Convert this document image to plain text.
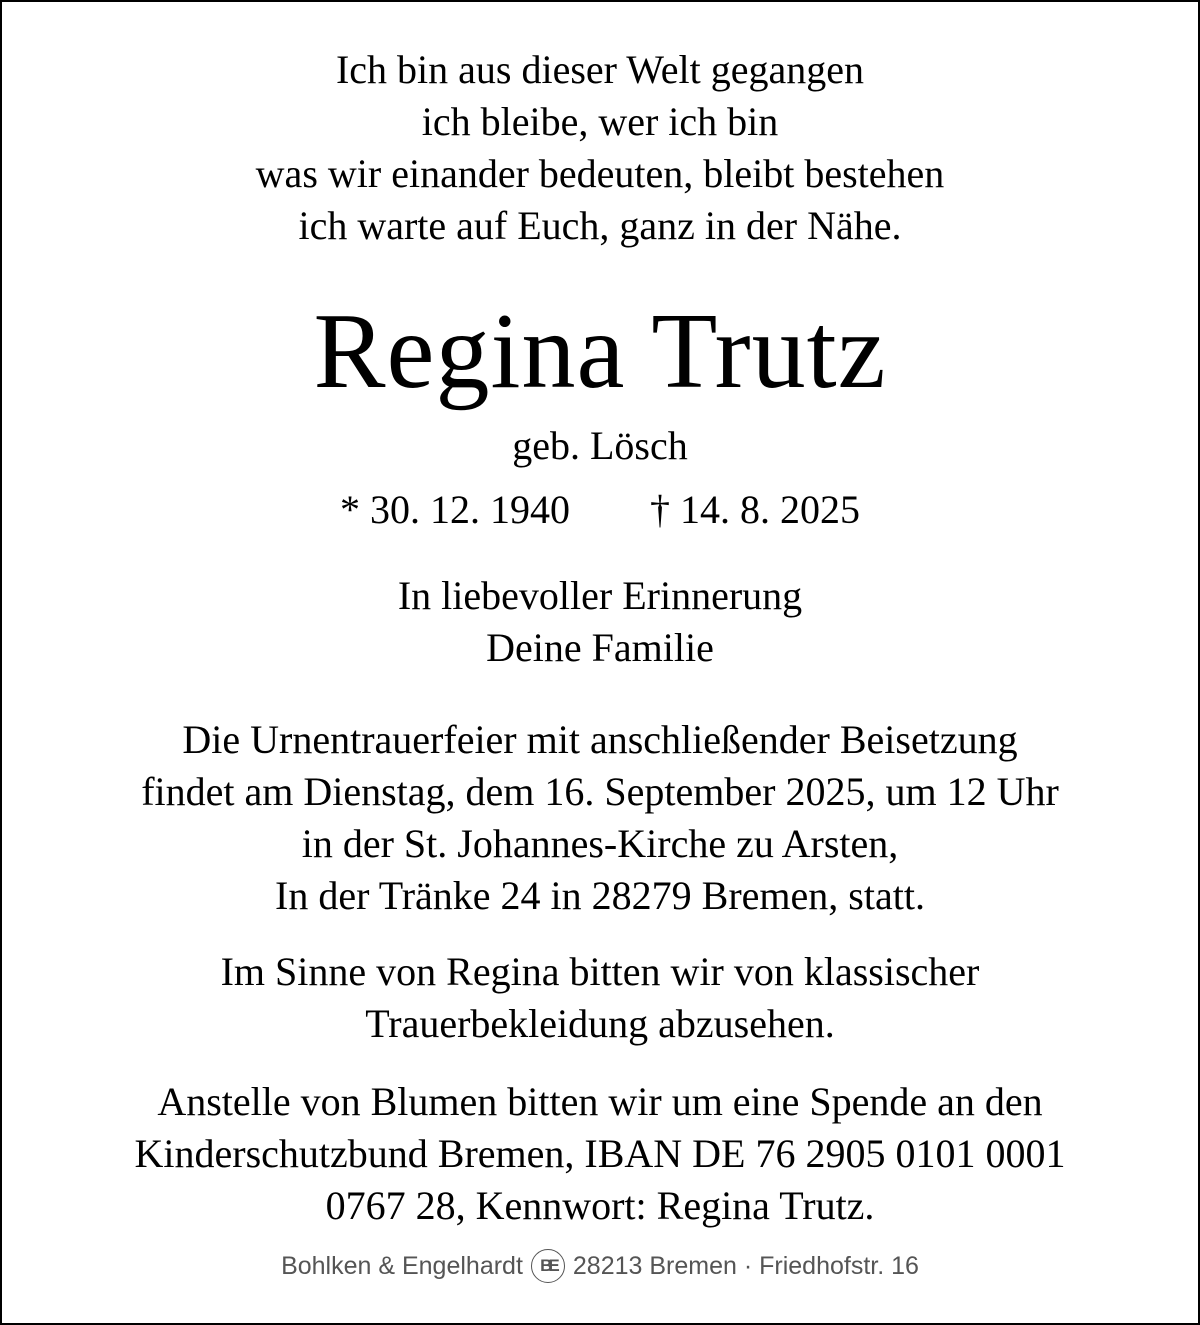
Ich bin aus dieser Welt gegangen
ich bleibe, wer ich bin
was wir einander bedeuten, bleibt bestehen
ich warte auf Euch, ganz in der Nähe.
Regina Trutz
geb. Lösch
* 30. 12. 1940 † 14. 8. 2025
In liebevoller Erinnerung
Deine Familie
Die Urnentrauerfeier mit anschließender Beisetzung
findet am Dienstag, dem 16. September 2025, um 12 Uhr
in der St. Johannes-Kirche zu Arsten,
In der Tränke 24 in 28279 Bremen, statt.
Im Sinne von Regina bitten wir von klassischer
Trauerbekleidung abzusehen.
Anstelle von Blumen bitten wir um eine Spende an den
Kinderschutzbund Bremen, IBAN DE 76 2905 0101 0001
0767 28, Kennwort: Regina Trutz.
Bohlken & Engelhardt	BE 28213 Bremen · Friedhofstr. 16
